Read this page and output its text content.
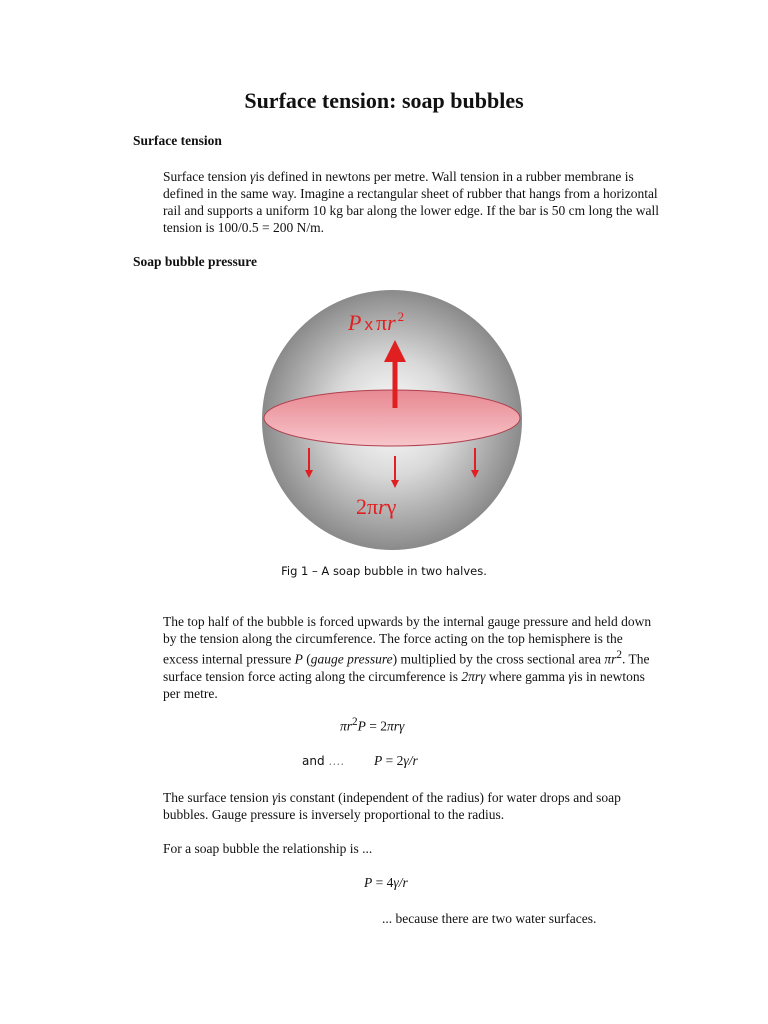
Surface tension: soap bubbles
Surface tension

Surface tension γis defined in newtons per metre. Wall tension in a rubber membrane is defined in the same way. Imagine a rectangular sheet of rubber that hangs from a horizontal rail and supports a uniform 10 kg bar along the lower edge. If the bar is 50 cm long the wall tension is 100/0.5 = 200 N/m.

Soap bubble pressure
P x πr $^2$
2πrγ
Fig 1 – A soap bubble in two halves.

The top half of the bubble is forced upwards by the internal gauge pressure and held down by the tension along the circumference. The force acting on the top hemisphere is the excess internal pressure P (gauge pressure) multiplied by the cross sectional area $\pi r^2$. The surface tension force acting along the circumference is 2πrγ where gamma γis in newtons per metre.

$\pi r^2P = 2\pi r\gamma$

and …. P = 2γ/r

The surface tension γis constant (independent of the radius) for water drops and soap bubbles. Gauge pressure is inversely proportional to the radius.

For a soap bubble the relationship is ...

P = 4γ/r

... because there are two water surfaces.
